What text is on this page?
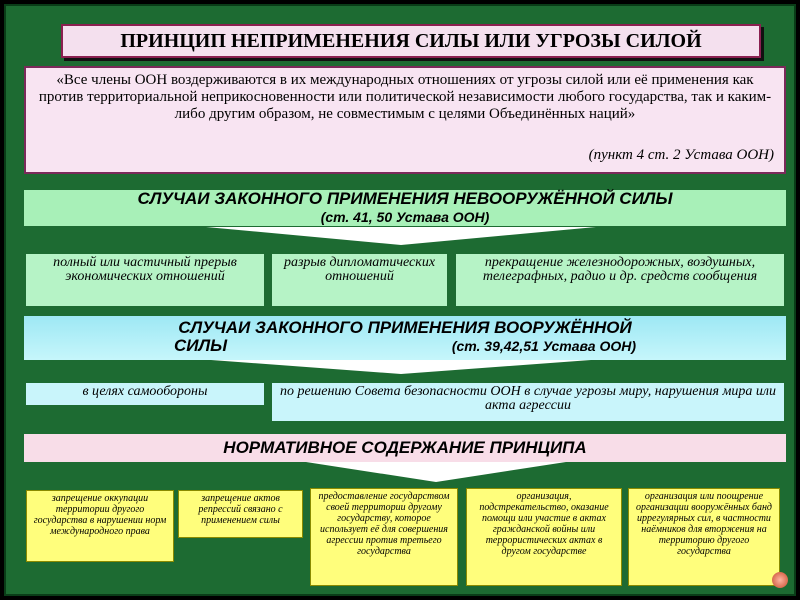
ПРИНЦИП НЕПРИМЕНЕНИЯ СИЛЫ ИЛИ УГРОЗЫ СИЛОЙ
«Все члены ООН воздерживаются в их международных отношениях от угрозы силой или её применения как против территориальной неприкосновенности или политической независимости любого государства, так и каким-либо другим образом, не совместимым с целями Объединённых наций»
(пункт 4 ст. 2 Устава ООН)
СЛУЧАИ ЗАКОННОГО ПРИМЕНЕНИЯ НЕВООРУЖЁННОЙ СИЛЫ
(ст. 41, 50 Устава ООН)
полный или частичный прерыв экономических отношений
разрыв дипломатических отношений
прекращение железнодорожных, воздушных, телеграфных, радио и др. средств сообщения
СЛУЧАИ ЗАКОННОГО ПРИМЕНЕНИЯ ВООРУЖЁННОЙ
СИЛЫ	(ст. 39,42,51 Устава ООН)
в целях самообороны	по решению Совета безопасности ООН в случае угрозы миру, нарушения мира или акта агрессии
НОРМАТИВНОЕ СОДЕРЖАНИЕ ПРИНЦИПА
запрещение оккупации территории другого государства в нарушении норм международного права
запрещение актов репрессий связано с применением силы
предоставление государством своей территории другому государству, которое использует её для совершения агрессии против третьего государства
организация, подстрекательство, оказание помощи или участие в актах гражданской войны или террористических актах в другом государстве
организация или поощрение организации вооружённых банд иррегулярных сил, в частности наёмников для вторжения на территорию другого государства
